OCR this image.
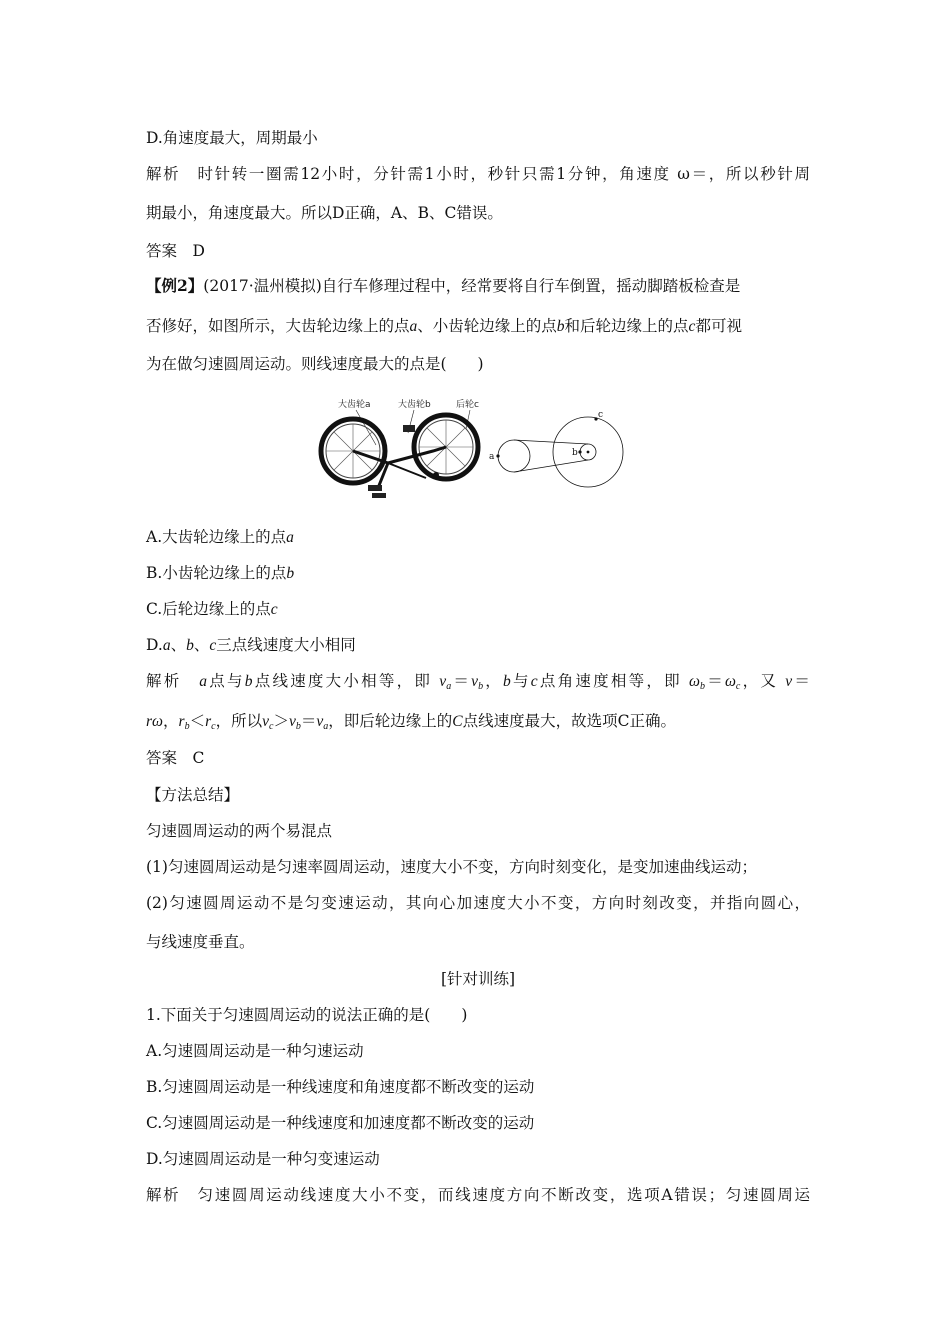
D.角速度最大，周期最小
解析　时针转一圈需12小时，分针需1小时，秒针只需1分钟，角速度 ω＝，所以秒针周
期最小，角速度最大。所以D正确，A、B、C错误。
答案　D
【例2】(2017·温州模拟)自行车修理过程中，经常要将自行车倒置，摇动脚踏板检查是
否修好，如图所示，大齿轮边缘上的点a、小齿轮边缘上的点b和后轮边缘上的点c都可视
为在做匀速圆周运动。则线速度最大的点是(　　)
大齿轮a	大齿轮b	后轮c
a	b
c
A.大齿轮边缘上的点a
B.小齿轮边缘上的点b
C.后轮边缘上的点c
D.a、b、c三点线速度大小相同
解析　a点与b点线速度大小相等，即 $v_a=v_b$，b与c点角速度相等，即 $\omega_b=\omega_c$，又 v＝
rω，$r_b<r_c$，所以$v_c>v_b=v_a$，即后轮边缘上的C点线速度最大，故选项C正确。
答案　C
【方法总结】
匀速圆周运动的两个易混点
(1)匀速圆周运动是匀速率圆周运动，速度大小不变，方向时刻变化，是变加速曲线运动；
(2)匀速圆周运动不是匀变速运动，其向心加速度大小不变，方向时刻改变，并指向圆心，
与线速度垂直。
[针对训练]
1.下面关于匀速圆周运动的说法正确的是(　　)
A.匀速圆周运动是一种匀速运动
B.匀速圆周运动是一种线速度和角速度都不断改变的运动
C.匀速圆周运动是一种线速度和加速度都不断改变的运动
D.匀速圆周运动是一种匀变速运动
解析　匀速圆周运动线速度大小不变，而线速度方向不断改变，选项A错误；匀速圆周运
